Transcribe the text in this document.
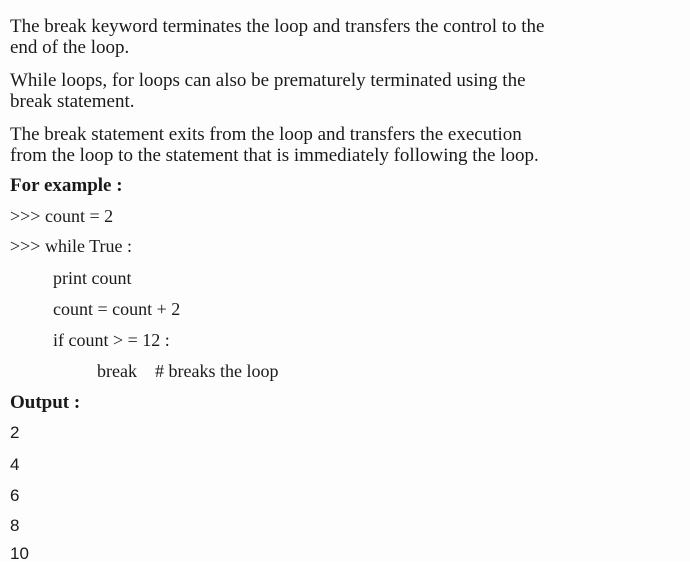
The break keyword terminates the loop and transfers the control to the
end of the loop.

While loops, for loops can also be prematurely terminated using the
break statement.

The break statement exits from the loop and transfers the execution
from the loop to the statement that is immediately following the loop.

For example :

>>> count = 2

>>> while True :

print count

count = count + 2

if count > = 12 :

break # breaks the loop

Output :

2

4

6

8

10
